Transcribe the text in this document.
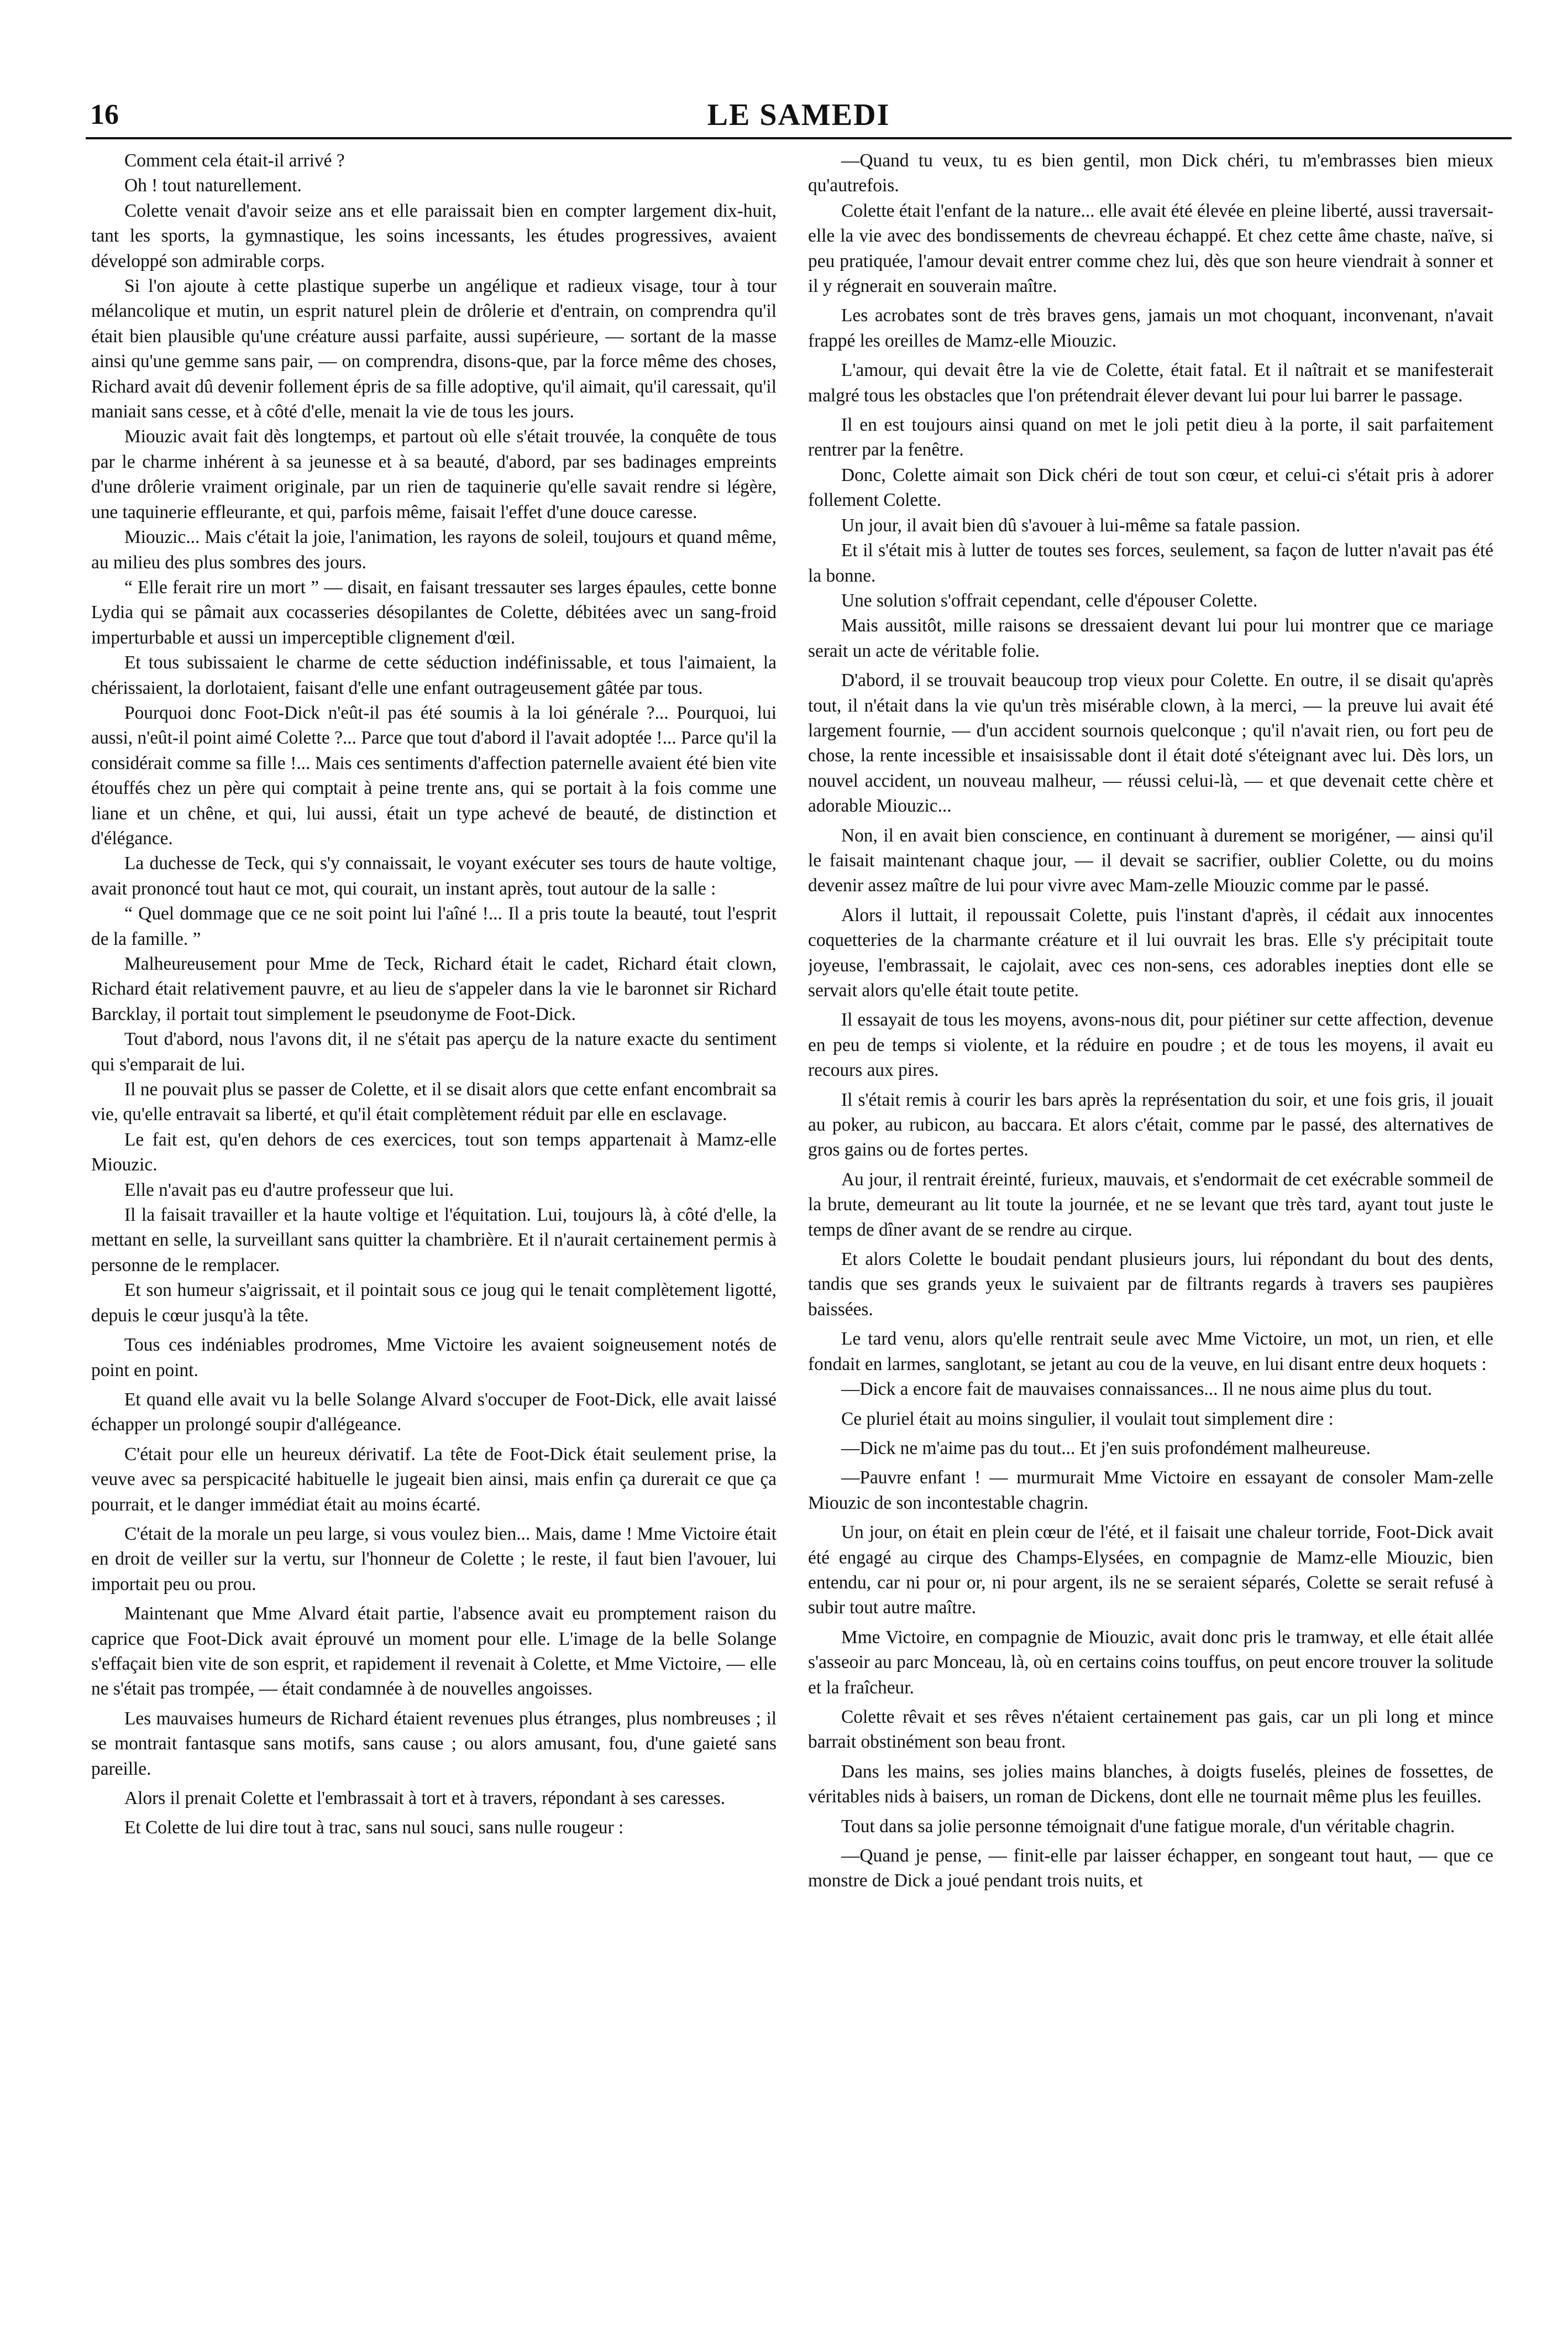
16	LE SAMEDI

Comment cela était-il arrivé ?

Oh ! tout naturellement.

Colette venait d'avoir seize ans et elle paraissait bien en compter largement dix-huit, tant les sports, la gymnastique, les soins incessants, les études progressives, avaient développé son admirable corps.

Si l'on ajoute à cette plastique superbe un angélique et radieux visage, tour à tour mélancolique et mutin, un esprit naturel plein de drôlerie et d'entrain, on comprendra qu'il était bien plausible qu'une créature aussi parfaite, aussi supérieure, — sortant de la masse ainsi qu'une gemme sans pair, — on comprendra, disons-que, par la force même des choses, Richard avait dû devenir follement épris de sa fille adoptive, qu'il aimait, qu'il caressait, qu'il maniait sans cesse, et à côté d'elle, menait la vie de tous les jours.

Miouzic avait fait dès longtemps, et partout où elle s'était trouvée, la conquête de tous par le charme inhérent à sa jeunesse et à sa beauté, d'abord, par ses badinages empreints d'une drôlerie vraiment originale, par un rien de taquinerie qu'elle savait rendre si légère, une taquinerie effleurante, et qui, parfois même, faisait l'effet d'une douce caresse.

Miouzic... Mais c'était la joie, l'animation, les rayons de soleil, toujours et quand même, au milieu des plus sombres des jours.

“ Elle ferait rire un mort ” — disait, en faisant tressauter ses larges épaules, cette bonne Lydia qui se pâmait aux cocasseries désopilantes de Colette, débitées avec un sang-froid imperturbable et aussi un imperceptible clignement d'œil.

Et tous subissaient le charme de cette séduction indéfinissable, et tous l'aimaient, la chérissaient, la dorlotaient, faisant d'elle une enfant outrageusement gâtée par tous.

Pourquoi donc Foot-Dick n'eût-il pas été soumis à la loi générale ?... Pourquoi, lui aussi, n'eût-il point aimé Colette ?... Parce que tout d'abord il l'avait adoptée !... Parce qu'il la considérait comme sa fille !... Mais ces sentiments d'affection paternelle avaient été bien vite étouffés chez un père qui comptait à peine trente ans, qui se portait à la fois comme une liane et un chêne, et qui, lui aussi, était un type achevé de beauté, de distinction et d'élégance.

La duchesse de Teck, qui s'y connaissait, le voyant exécuter ses tours de haute voltige, avait prononcé tout haut ce mot, qui courait, un instant après, tout autour de la salle :

“ Quel dommage que ce ne soit point lui l'aîné !... Il a pris toute la beauté, tout l'esprit de la famille. ”

Malheureusement pour Mme de Teck, Richard était le cadet, Richard était clown, Richard était relativement pauvre, et au lieu de s'appeler dans la vie le baronnet sir Richard Barcklay, il portait tout simplement le pseudonyme de Foot-Dick.

Tout d'abord, nous l'avons dit, il ne s'était pas aperçu de la nature exacte du sentiment qui s'emparait de lui.

Il ne pouvait plus se passer de Colette, et il se disait alors que cette enfant encombrait sa vie, qu'elle entravait sa liberté, et qu'il était complètement réduit par elle en esclavage.

Le fait est, qu'en dehors de ces exercices, tout son temps appartenait à Mamz-elle Miouzic.

Elle n'avait pas eu d'autre professeur que lui.

Il la faisait travailler et la haute voltige et l'équitation. Lui, toujours là, à côté d'elle, la mettant en selle, la surveillant sans quitter la chambrière. Et il n'aurait certainement permis à personne de le remplacer.

Et son humeur s'aigrissait, et il pointait sous ce joug qui le tenait complètement ligotté, depuis le cœur jusqu'à la tête.

Tous ces indéniables prodromes, Mme Victoire les avaient soigneusement notés de point en point.

Et quand elle avait vu la belle Solange Alvard s'occuper de Foot-Dick, elle avait laissé échapper un prolongé soupir d'allégeance.

C'était pour elle un heureux dérivatif. La tête de Foot-Dick était seulement prise, la veuve avec sa perspicacité habituelle le jugeait bien ainsi, mais enfin ça durerait ce que ça pourrait, et le danger immédiat était au moins écarté.

C'était de la morale un peu large, si vous voulez bien... Mais, dame ! Mme Victoire était en droit de veiller sur la vertu, sur l'honneur de Colette ; le reste, il faut bien l'avouer, lui importait peu ou prou.

Maintenant que Mme Alvard était partie, l'absence avait eu promptement raison du caprice que Foot-Dick avait éprouvé un moment pour elle. L'image de la belle Solange s'effaçait bien vite de son esprit, et rapidement il revenait à Colette, et Mme Victoire, — elle ne s'était pas trompée, — était condamnée à de nouvelles angoisses.

Les mauvaises humeurs de Richard étaient revenues plus étranges, plus nombreuses ; il se montrait fantasque sans motifs, sans cause ; ou alors amusant, fou, d'une gaieté sans pareille.

Alors il prenait Colette et l'embrassait à tort et à travers, répondant à ses caresses.

Et Colette de lui dire tout à trac, sans nul souci, sans nulle rougeur :

—Quand tu veux, tu es bien gentil, mon Dick chéri, tu m'embrasses bien mieux qu'autrefois.

Colette était l'enfant de la nature... elle avait été élevée en pleine liberté, aussi traversait-elle la vie avec des bondissements de chevreau échappé. Et chez cette âme chaste, naïve, si peu pratiquée, l'amour devait entrer comme chez lui, dès que son heure viendrait à sonner et il y régnerait en souverain maître.

Les acrobates sont de très braves gens, jamais un mot choquant, inconvenant, n'avait frappé les oreilles de Mamz-elle Miouzic.

L'amour, qui devait être la vie de Colette, était fatal. Et il naîtrait et se manifesterait malgré tous les obstacles que l'on prétendrait élever devant lui pour lui barrer le passage.

Il en est toujours ainsi quand on met le joli petit dieu à la porte, il sait parfaitement rentrer par la fenêtre.

Donc, Colette aimait son Dick chéri de tout son cœur, et celui-ci s'était pris à adorer follement Colette.

Un jour, il avait bien dû s'avouer à lui-même sa fatale passion.

Et il s'était mis à lutter de toutes ses forces, seulement, sa façon de lutter n'avait pas été la bonne.

Une solution s'offrait cependant, celle d'épouser Colette.

Mais aussitôt, mille raisons se dressaient devant lui pour lui montrer que ce mariage serait un acte de véritable folie.

D'abord, il se trouvait beaucoup trop vieux pour Colette. En outre, il se disait qu'après tout, il n'était dans la vie qu'un très misérable clown, à la merci, — la preuve lui avait été largement fournie, — d'un accident sournois quelconque ; qu'il n'avait rien, ou fort peu de chose, la rente incessible et insaisissable dont il était doté s'éteignant avec lui. Dès lors, un nouvel accident, un nouveau malheur, — réussi celui-là, — et que devenait cette chère et adorable Miouzic...

Non, il en avait bien conscience, en continuant à durement se morigéner, — ainsi qu'il le faisait maintenant chaque jour, — il devait se sacrifier, oublier Colette, ou du moins devenir assez maître de lui pour vivre avec Mam-zelle Miouzic comme par le passé.

Alors il luttait, il repoussait Colette, puis l'instant d'après, il cédait aux innocentes coquetteries de la charmante créature et il lui ouvrait les bras. Elle s'y précipitait toute joyeuse, l'embrassait, le cajolait, avec ces non-sens, ces adorables inepties dont elle se servait alors qu'elle était toute petite.

Il essayait de tous les moyens, avons-nous dit, pour piétiner sur cette affection, devenue en peu de temps si violente, et la réduire en poudre ; et de tous les moyens, il avait eu recours aux pires.

Il s'était remis à courir les bars après la représentation du soir, et une fois gris, il jouait au poker, au rubicon, au baccara. Et alors c'était, comme par le passé, des alternatives de gros gains ou de fortes pertes.

Au jour, il rentrait éreinté, furieux, mauvais, et s'endormait de cet exécrable sommeil de la brute, demeurant au lit toute la journée, et ne se levant que très tard, ayant tout juste le temps de dîner avant de se rendre au cirque.

Et alors Colette le boudait pendant plusieurs jours, lui répondant du bout des dents, tandis que ses grands yeux le suivaient par de filtrants regards à travers ses paupières baissées.

Le tard venu, alors qu'elle rentrait seule avec Mme Victoire, un mot, un rien, et elle fondait en larmes, sanglotant, se jetant au cou de la veuve, en lui disant entre deux hoquets :

—Dick a encore fait de mauvaises connaissances... Il ne nous aime plus du tout.

Ce pluriel était au moins singulier, il voulait tout simplement dire :

—Dick ne m'aime pas du tout... Et j'en suis profondément malheureuse.

—Pauvre enfant ! — murmurait Mme Victoire en essayant de consoler Mam-zelle Miouzic de son incontestable chagrin.

Un jour, on était en plein cœur de l'été, et il faisait une chaleur torride, Foot-Dick avait été engagé au cirque des Champs-Elysées, en compagnie de Mamz-elle Miouzic, bien entendu, car ni pour or, ni pour argent, ils ne se seraient séparés, Colette se serait refusé à subir tout autre maître.

Mme Victoire, en compagnie de Miouzic, avait donc pris le tramway, et elle était allée s'asseoir au parc Monceau, là, où en certains coins touffus, on peut encore trouver la solitude et la fraîcheur.

Colette rêvait et ses rêves n'étaient certainement pas gais, car un pli long et mince barrait obstinément son beau front.

Dans les mains, ses jolies mains blanches, à doigts fuselés, pleines de fossettes, de véritables nids à baisers, un roman de Dickens, dont elle ne tournait même plus les feuilles.

Tout dans sa jolie personne témoignait d'une fatigue morale, d'un véritable chagrin.

—Quand je pense, — finit-elle par laisser échapper, en songeant tout haut, — que ce monstre de Dick a joué pendant trois nuits, et
